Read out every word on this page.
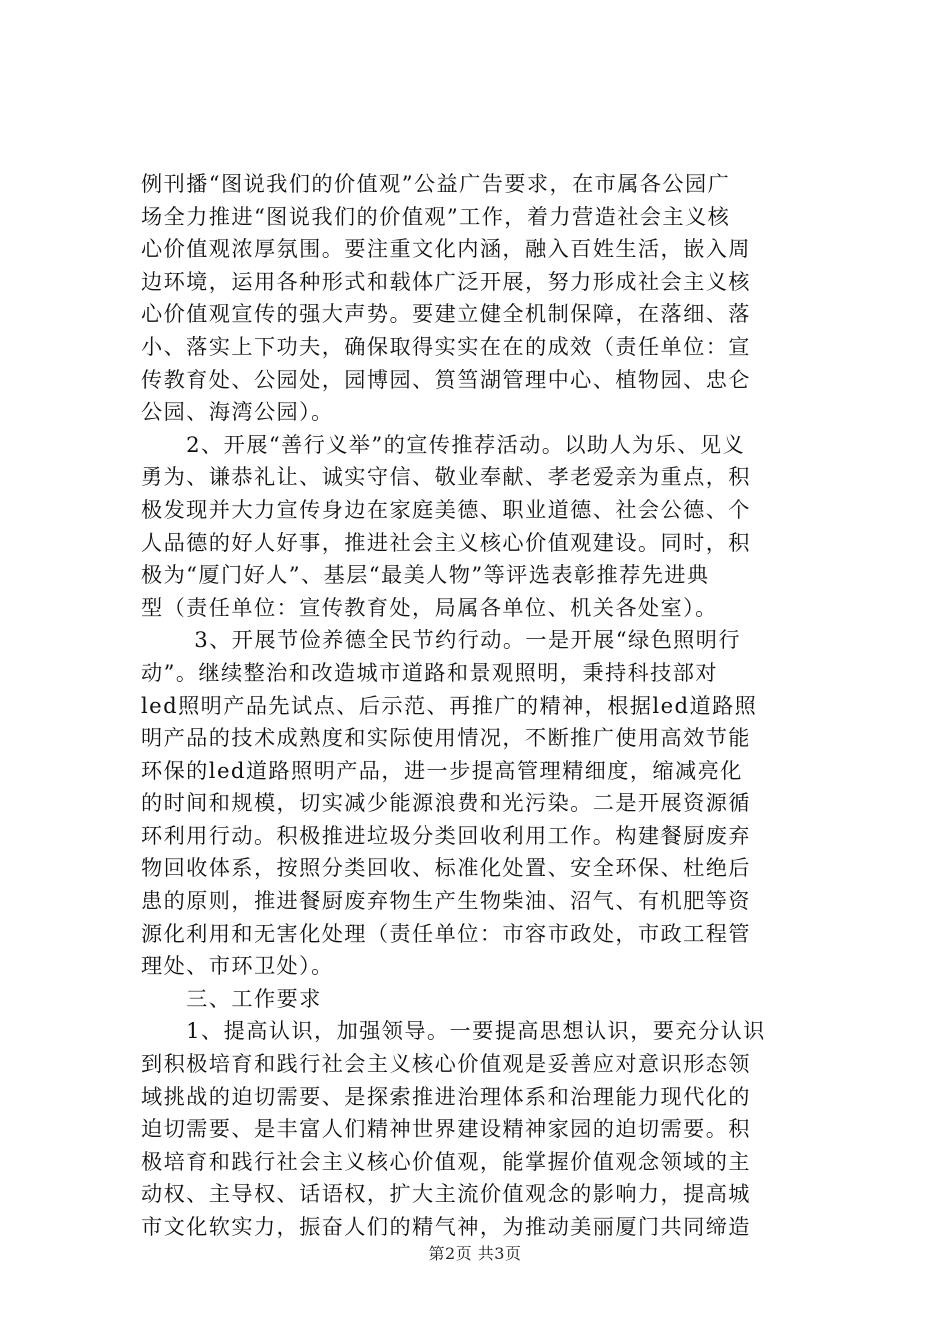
例刊播“图说我们的价值观”公益广告要求，在市属各公园广
场全力推进“图说我们的价值观”工作，着力营造社会主义核
心价值观浓厚氛围。要注重文化内涵，融入百姓生活，嵌入周
边环境，运用各种形式和载体广泛开展，努力形成社会主义核
心价值观宣传的强大声势。要建立健全机制保障，在落细、落
小、落实上下功夫，确保取得实实在在的成效（责任单位：宣
传教育处、公园处，园博园、筼筜湖管理中心、植物园、忠仑
公园、海湾公园）。
　　2、开展“善行义举”的宣传推荐活动。以助人为乐、见义
勇为、谦恭礼让、诚实守信、敬业奉献、孝老爱亲为重点，积
极发现并大力宣传身边在家庭美德、职业道德、社会公德、个
人品德的好人好事，推进社会主义核心价值观建设。同时，积
极为“厦门好人”、基层“最美人物”等评选表彰推荐先进典
型（责任单位：宣传教育处，局属各单位、机关各处室）。
　　 3、开展节俭养德全民节约行动。一是开展“绿色照明行
动”。继续整治和改造城市道路和景观照明，秉持科技部对
led照明产品先试点、后示范、再推广的精神，根据led道路照
明产品的技术成熟度和实际使用情况，不断推广使用高效节能
环保的led道路照明产品，进一步提高管理精细度，缩减亮化
的时间和规模，切实减少能源浪费和光污染。二是开展资源循
环利用行动。积极推进垃圾分类回收利用工作。构建餐厨废弃
物回收体系，按照分类回收、标准化处置、安全环保、杜绝后
患的原则，推进餐厨废弃物生产生物柴油、沼气、有机肥等资
源化利用和无害化处理（责任单位：市容市政处，市政工程管
理处、市环卫处）。
　　三、工作要求
　　1、提高认识，加强领导。一要提高思想认识，要充分认识
到积极培育和践行社会主义核心价值观是妥善应对意识形态领
域挑战的迫切需要、是探索推进治理体系和治理能力现代化的
迫切需要、是丰富人们精神世界建设精神家园的迫切需要。积
极培育和践行社会主义核心价值观，能掌握价值观念领域的主
动权、主导权、话语权，扩大主流价值观念的影响力，提高城
市文化软实力，振奋人们的精气神，为推动美丽厦门共同缔造
第2页 共3页
